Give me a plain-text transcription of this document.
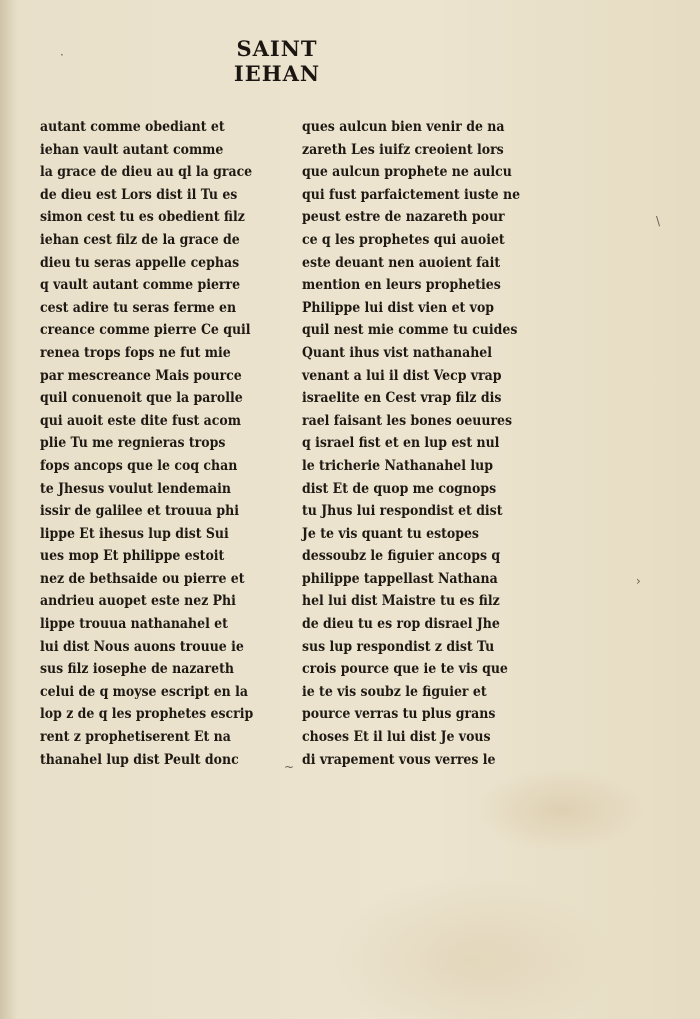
SAINT IEHAN
autant comme obediant et
iehan vault autant comme
la grace de dieu au ql la grace
de dieu est Lors dist il Tu es
simon cest tu es obedient filz
iehan cest filz de la grace de
dieu tu seras appelle cephas
q vault autant comme pierre
cest adire tu seras ferme en
creance comme pierre Ce quil
renea trops fops ne fut mie
par mescreance Mais pource
quil conuenoit que la parolle
qui auoit este dite fust acom
plie Tu me regnieras trops
fops ancops que le coq chan
te Jhesus voulut lendemain
issir de galilee et trouua phi
lippe Et ihesus lup dist Sui
ues mop Et philippe estoit
nez de bethsaide ou pierre et
andrieu auopet este nez Phi
lippe trouua nathanahel et
lui dist Nous auons trouue ie
sus filz iosephe de nazareth
celui de q moyse escript en la
lop z de q les prophetes escrip
rent z prophetiserent Et na
thanahel lup dist Peult donc
ques aulcun bien venir de na
zareth Les iuifz creoient lors
que aulcun prophete ne aulcu
qui fust parfaictement iuste ne
peust estre de nazareth pour
ce q les prophetes qui auoiet
este deuant nen auoient fait
mention en leurs propheties
Philippe lui dist vien et vop
quil nest mie comme tu cuides
Quant ihus vist nathanahel
venant a lui il dist Vecp vrap
israelite en Cest vrap filz dis
rael faisant les bones oeuures
q israel fist et en lup est nul
le tricherie Nathanahel lup
dist Et de quop me cognops
tu Jhus lui respondist et dist
Je te vis quant tu estopes
dessoubz le figuier ancops q
philippe tappellast Nathana
hel lui dist Maistre tu es filz
de dieu tu es rop disrael Jhe
sus lup respondist z dist Tu
crois pource que ie te vis que
ie te vis soubz le figuier et
pource verras tu plus grans
choses Et il lui dist Je vous
di vrapement vous verres le
·
\
›
~
